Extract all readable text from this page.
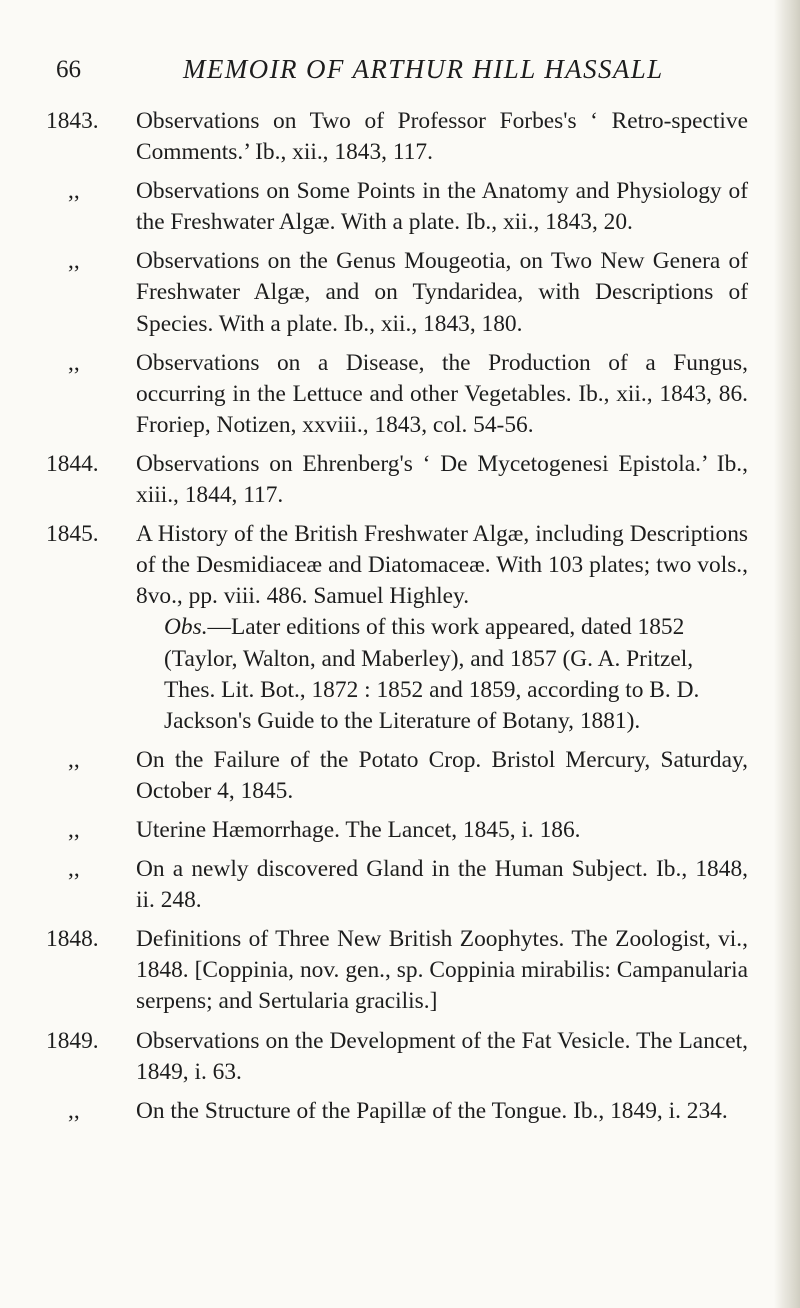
66	MEMOIR OF ARTHUR HILL HASSALL
1843. Observations on Two of Professor Forbes's ‘ Retro-spective Comments.’ Ib., xii., 1843, 117.
,, Observations on Some Points in the Anatomy and Physiology of the Freshwater Algæ. With a plate. Ib., xii., 1843, 20.
,, Observations on the Genus Mougeotia, on Two New Genera of Freshwater Algæ, and on Tyndaridea, with Descriptions of Species. With a plate. Ib., xii., 1843, 180.
,, Observations on a Disease, the Production of a Fungus, occurring in the Lettuce and other Vegetables. Ib., xii., 1843, 86. Froriep, Notizen, xxviii., 1843, col. 54-56.
1844. Observations on Ehrenberg's ‘ De Mycetogenesi Epistola.’ Ib., xiii., 1844, 117.
1845. A History of the British Freshwater Algæ, including Descriptions of the Desmidiaceæ and Diatomaceæ. With 103 plates; two vols., 8vo., pp. viii. 486. Samuel Highley.
Obs.—Later editions of this work appeared, dated 1852 (Taylor, Walton, and Maberley), and 1857 (G. A. Pritzel, Thes. Lit. Bot., 1872 : 1852 and 1859, according to B. D. Jackson's Guide to the Literature of Botany, 1881).
,, On the Failure of the Potato Crop. Bristol Mercury, Saturday, October 4, 1845.
,, Uterine Hæmorrhage. The Lancet, 1845, i. 186.
,, On a newly discovered Gland in the Human Subject. Ib., 1848, ii. 248.
1848. Definitions of Three New British Zoophytes. The Zoologist, vi., 1848. [Coppinia, nov. gen., sp. Coppinia mirabilis: Campanularia serpens; and Sertularia gracilis.]
1849. Observations on the Development of the Fat Vesicle. The Lancet, 1849, i. 63.
,, On the Structure of the Papillæ of the Tongue. Ib., 1849, i. 234.
